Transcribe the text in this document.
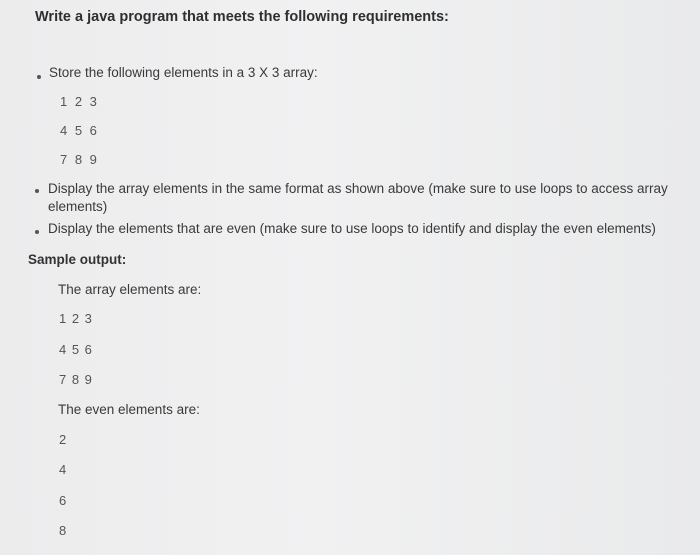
Write a java program that meets the following requirements:
Store the following elements in a 3 X 3 array:
1 2 3
4 5 6
7 8 9
Display the array elements in the same format as shown above (make sure to use loops to access array elements)
Display the elements that are even (make sure to use loops to identify and display the even elements)
Sample output:
The array elements are:
1 2 3
4 5 6
7 8 9
The even elements are:
2
4
6
8
